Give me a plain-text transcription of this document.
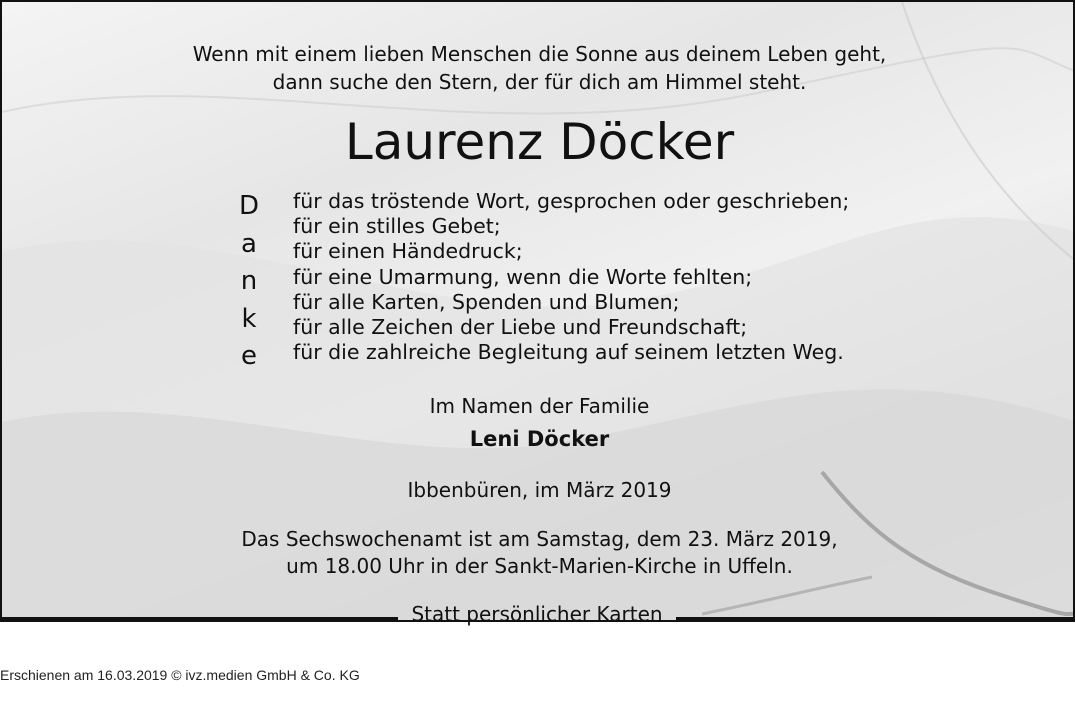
Wenn mit einem lieben Menschen die Sonne aus deinem Leben geht,
dann suche den Stern, der für dich am Himmel steht.
Laurenz Döcker
D
a
n
k
e
für das tröstende Wort, gesprochen oder geschrieben;
für ein stilles Gebet;
für einen Händedruck;
für eine Umarmung, wenn die Worte fehlten;
für alle Karten, Spenden und Blumen;
für alle Zeichen der Liebe und Freundschaft;
für die zahlreiche Begleitung auf seinem letzten Weg.
Im Namen der Familie
Leni Döcker
Ibbenbüren, im März 2019
Das Sechswochenamt ist am Samstag, dem 23. März 2019,
um 18.00 Uhr in der Sankt-Marien-Kirche in Uffeln.
Statt persönlicher Karten
Erschienen am 16.03.2019 © ivz.medien GmbH & Co. KG
